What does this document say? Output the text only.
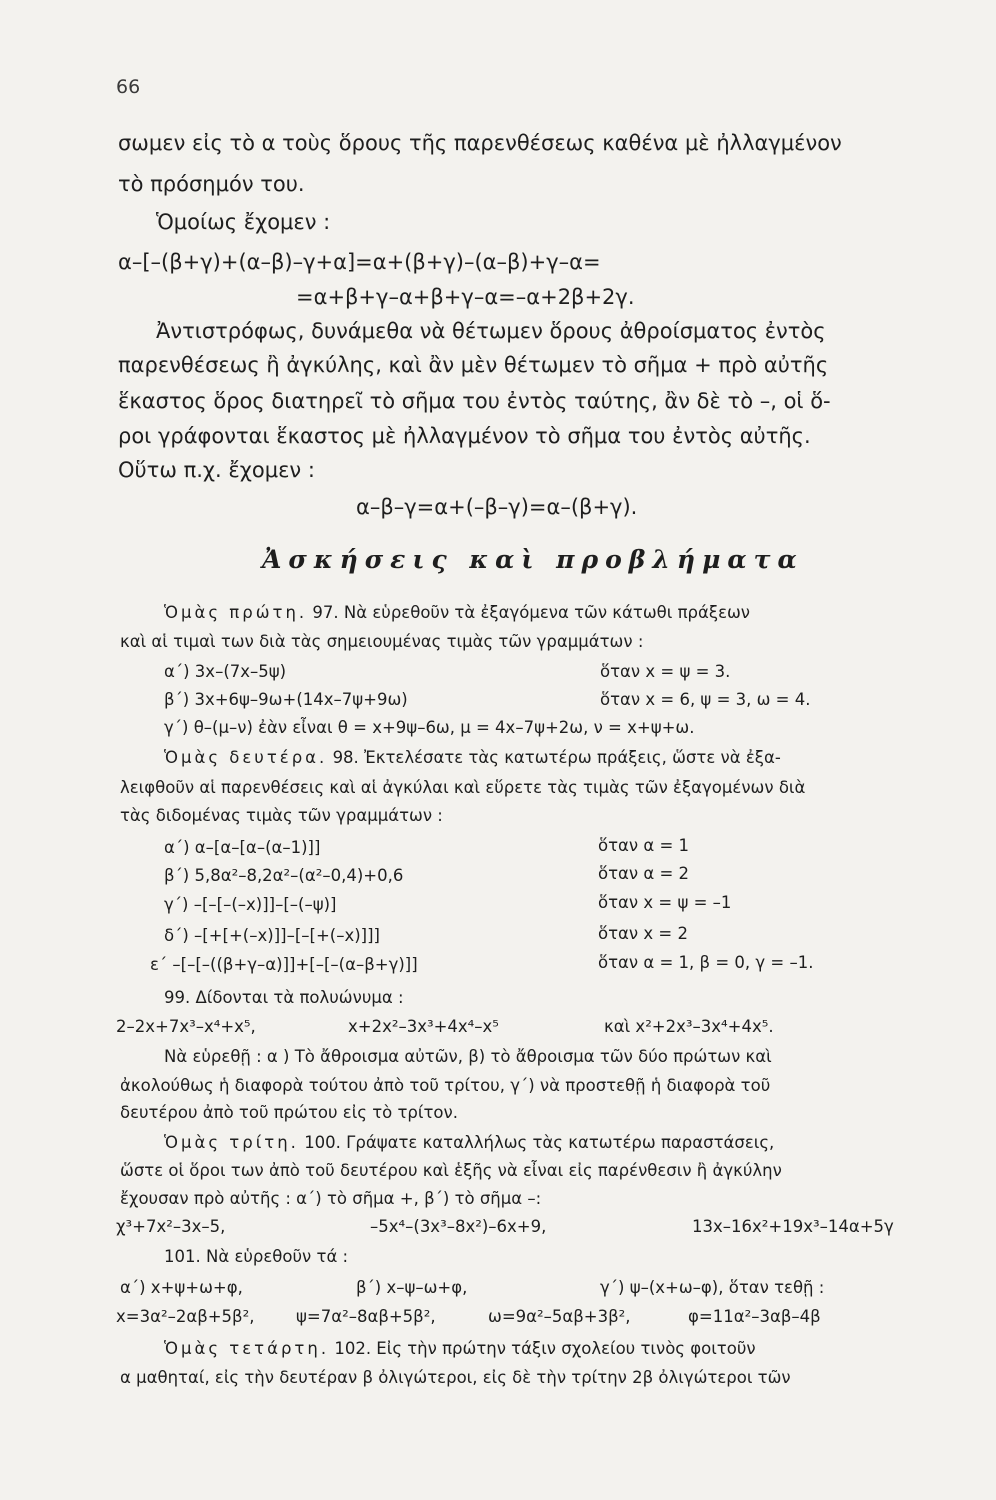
66
σωμεν εἰς τὸ α τοὺς ὅρους τῆς παρενθέσεως καθένα μὲ ἠλλαγμένον
τὸ πρόσημόν του.
Ὁμοίως ἔχομεν :
α–[–(β+γ)+(α–β)–γ+α]=α+(β+γ)–(α–β)+γ–α=
=α+β+γ–α+β+γ–α=–α+2β+2γ.
Ἀντιστρόφως, δυνάμεθα νὰ θέτωμεν ὅρους ἀθροίσματος ἐντὸς
παρενθέσεως ἢ ἀγκύλης, καὶ ἂν μὲν θέτωμεν τὸ σῆμα + πρὸ αὐτῆς
ἕκαστος ὅρος διατηρεῖ τὸ σῆμα του ἐντὸς ταύτης, ἂν δὲ τὸ –, οἱ ὅ-
ροι γράφονται ἕκαστος μὲ ἠλλαγμένον τὸ σῆμα του ἐντὸς αὐτῆς.
Οὕτω π.χ. ἔχομεν :
α–β–γ=α+(–β–γ)=α–(β+γ).
Ἀσκήσεις καὶ προβλήματα
Ὁμὰς πρώτη. 97. Νὰ εὑρεθοῦν τὰ ἐξαγόμενα τῶν κάτωθι πράξεων
καὶ αἱ τιμαὶ των διὰ τὰς σημειουμένας τιμὰς τῶν γραμμάτων :
α΄) 3x–(7x–5ψ)	ὅταν x = ψ = 3.
β΄) 3x+6ψ–9ω+(14x–7ψ+9ω)	ὅταν x = 6, ψ = 3, ω = 4.
γ΄) θ–(μ–ν) ἐὰν εἶναι θ = x+9ψ–6ω, μ = 4x–7ψ+2ω, ν = x+ψ+ω.
Ὁμὰς δευτέρα. 98. Ἐκτελέσατε τὰς κατωτέρω πράξεις, ὥστε νὰ ἐξα-
λειφθοῦν αἱ παρενθέσεις καὶ αἱ ἀγκύλαι καὶ εὕρετε τὰς τιμὰς τῶν ἐξαγομένων διὰ
τὰς διδομένας τιμὰς τῶν γραμμάτων :
α΄) α–[α–[α–(α–1)]]	ὅταν α = 1
β΄) 5,8α²–8,2α²–(α²–0,4)+0,6	ὅταν α = 2
γ΄) –[–[–(–x)]]–[–(–ψ)]	ὅταν x = ψ = –1
δ΄) –[+[+(–x)]]–[–[+(–x)]]]	ὅταν x = 2
ε΄ –[–[–((β+γ–α)]]+[–[–(α–β+γ)]]	ὅταν α = 1, β = 0, γ = –1.
99. Δίδονται τὰ πολυώνυμα :
2–2x+7x³–x⁴+x⁵,	x+2x²–3x³+4x⁴–x⁵	καὶ x²+2x³–3x⁴+4x⁵.
Νὰ εὑρεθῇ : α ) Τὸ ἄθροισμα αὐτῶν, β) τὸ ἄθροισμα τῶν δύο πρώτων καὶ
ἀκολούθως ἡ διαφορὰ τούτου ἀπὸ τοῦ τρίτου, γ΄) νὰ προστεθῇ ἡ διαφορὰ τοῦ
δευτέρου ἀπὸ τοῦ πρώτου εἰς τὸ τρίτον.
Ὁμὰς τρίτη. 100. Γράψατε καταλλήλως τὰς κατωτέρω παραστάσεις,
ὥστε οἱ ὅροι των ἀπὸ τοῦ δευτέρου καὶ ἑξῆς νὰ εἶναι εἰς παρένθεσιν ἢ ἀγκύλην
ἔχουσαν πρὸ αὐτῆς : α΄) τὸ σῆμα +, β΄) τὸ σῆμα –:
χ³+7x²–3x–5,	–5x⁴–(3x³–8x²)–6x+9,	13x–16x²+19x³–14α+5γ
101. Νὰ εὑρεθοῦν τά :
α΄) x+ψ+ω+φ,	β΄) x–ψ–ω+φ,	γ΄) ψ–(x+ω–φ), ὅταν τεθῇ :
x=3α²–2αβ+5β²,	ψ=7α²–8αβ+5β²,	ω=9α²–5αβ+3β²,	φ=11α²–3αβ–4β
Ὁμὰς τετάρτη. 102. Εἰς τὴν πρώτην τάξιν σχολείου τινὸς φοιτοῦν
α μαθηταί, εἰς τὴν δευτέραν β ὀλιγώτεροι, εἰς δὲ τὴν τρίτην 2β ὀλιγώτεροι τῶν
